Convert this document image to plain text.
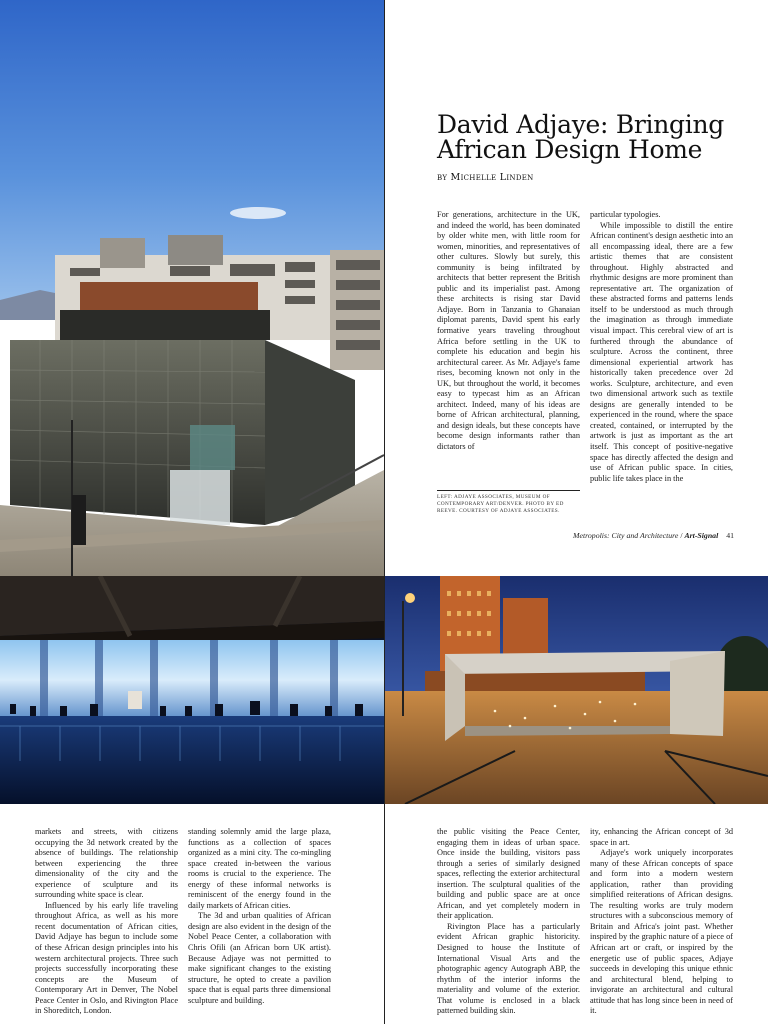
David Adjaye: Bringing
African Design Home
by Michelle Linden

For generations, architecture in the UK, and indeed the world, has been dominated by older white men, with little room for women, minorities, and representatives of other cultures. Slowly but surely, this community is being infiltrated by architects that better represent the British public and its imperialist past. Among these architects is rising star David Adjaye. Born in Tanzania to Ghanaian diplomat parents, David spent his early formative years traveling throughout Africa before settling in the UK to complete his education and begin his architectural career. As Mr. Adjaye's fame rises, becoming known not only in the UK, but throughout the world, it becomes easy to typecast him as an African architect. Indeed, many of his ideas are borne of African architectural, planning, and design ideals, but these concepts have become design informants rather than dictators of

particular typologies.

While impossible to distill the entire African continent's design aesthetic into an all encompassing ideal, there are a few artistic themes that are consistent throughout. Highly abstracted and rhythmic designs are more prominent than representative art. The organization of these abstracted forms and patterns lends itself to be understood as much through the imagination as through immediate visual impact. This cerebral view of art is furthered through the abundance of sculpture. Across the continent, three dimensional experiential artwork has historically taken precedence over 2d works. Sculpture, architecture, and even two dimensional artwork such as textile designs are generally intended to be experienced in the round, where the space created, contained, or interrupted by the artwork is just as important as the art itself. This concept of positive-negative space has directly affected the design and use of African public space. In cities, public life takes place in the

LEFT: ADJAYE ASSOCIATES, MUSEUM OF CONTEMPORARY ART/DENVER. PHOTO BY ED REEVE. COURTESY OF ADJAYE ASSOCIATES.
Metropolis: City and Architecture / Art-Signal 41

markets and streets, with citizens occupying the 3d network created by the absence of buildings. The relationship between experiencing the three dimensionality of the city and the experience of sculpture and its surrounding white space is clear.

Influenced by his early life traveling throughout Africa, as well as his more recent documentation of African cities, David Adjaye has begun to include some of these African design principles into his western architectural projects. Three such projects successfully incorporating these concepts are the Museum of Contemporary Art in Denver, The Nobel Peace Center in Oslo, and Rivington Place in Shoreditch, London.

standing solemnly amid the large plaza, functions as a collection of spaces organized as a mini city. The co-mingling space created in-between the various rooms is crucial to the experience. The energy of these informal networks is reminiscent of the energy found in the daily markets of African cities.

The 3d and urban qualities of African design are also evident in the design of the Nobel Peace Center, a collaboration with Chris Ofili (an African born UK artist). Because Adjaye was not permitted to make significant changes to the existing structure, he opted to create a pavilion space that is equal parts three dimensional sculpture and building.

the public visiting the Peace Center, engaging them in ideas of urban space. Once inside the building, visitors pass through a series of similarly designed spaces, reflecting the exterior architectural insertion. The sculptural qualities of the building and public space are at once African, and yet completely modern in their application.

Rivington Place has a particularly evident African graphic historicity. Designed to house the Institute of International Visual Arts and the photographic agency Autograph ABP, the rhythm of the interior informs the materiality and volume of the exterior. That volume is enclosed in a black patterned building skin.

ity, enhancing the African concept of 3d space in art.

Adjaye's work uniquely incorporates many of these African concepts of space and form into a modern western application, rather than providing simplified reiterations of African designs. The resulting works are truly modern structures with a subconscious memory of Britain and Africa's joint past. Whether inspired by the graphic nature of a piece of African art or craft, or inspired by the energetic use of public spaces, Adjaye succeeds in developing this unique ethnic and architectural blend, helping to invigorate an architectural and cultural attitude that has long since been in need of it.
